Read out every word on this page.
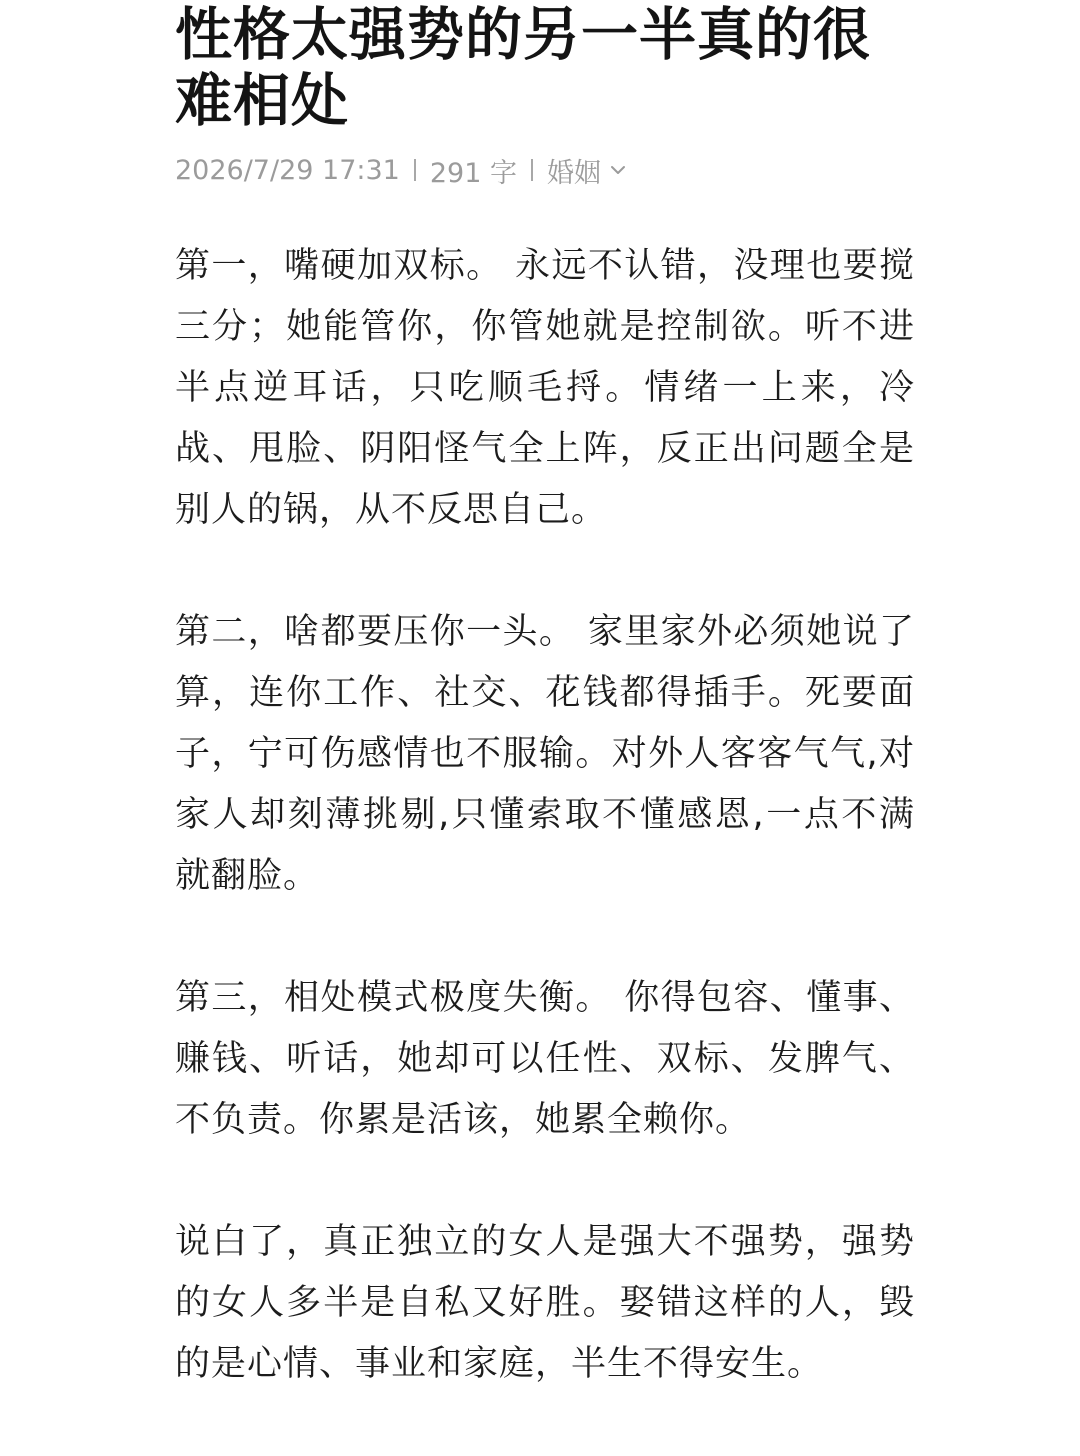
性格太强势的另一半真的很难相处
2026/7/29 17:31 291 字 婚姻

第一，嘴硬加双标。 永远不认错，没理也要搅三分；她能管你，你管她就是控制欲。听不进半点逆耳话，只吃顺毛捋。情绪一上来，冷战、甩脸、阴阳怪气全上阵，反正出问题全是别人的锅，从不反思自己。

第二，啥都要压你一头。 家里家外必须她说了算，连你工作、社交、花钱都得插手。死要面子，宁可伤感情也不服输。对外人客客气气,对家人却刻薄挑剔,只懂索取不懂感恩,一点不满就翻脸。

第三，相处模式极度失衡。 你得包容、懂事、赚钱、听话，她却可以任性、双标、发脾气、不负责。你累是活该，她累全赖你。

说白了，真正独立的女人是强大不强势，强势的女人多半是自私又好胜。娶错这样的人，毁的是心情、事业和家庭，半生不得安生。
